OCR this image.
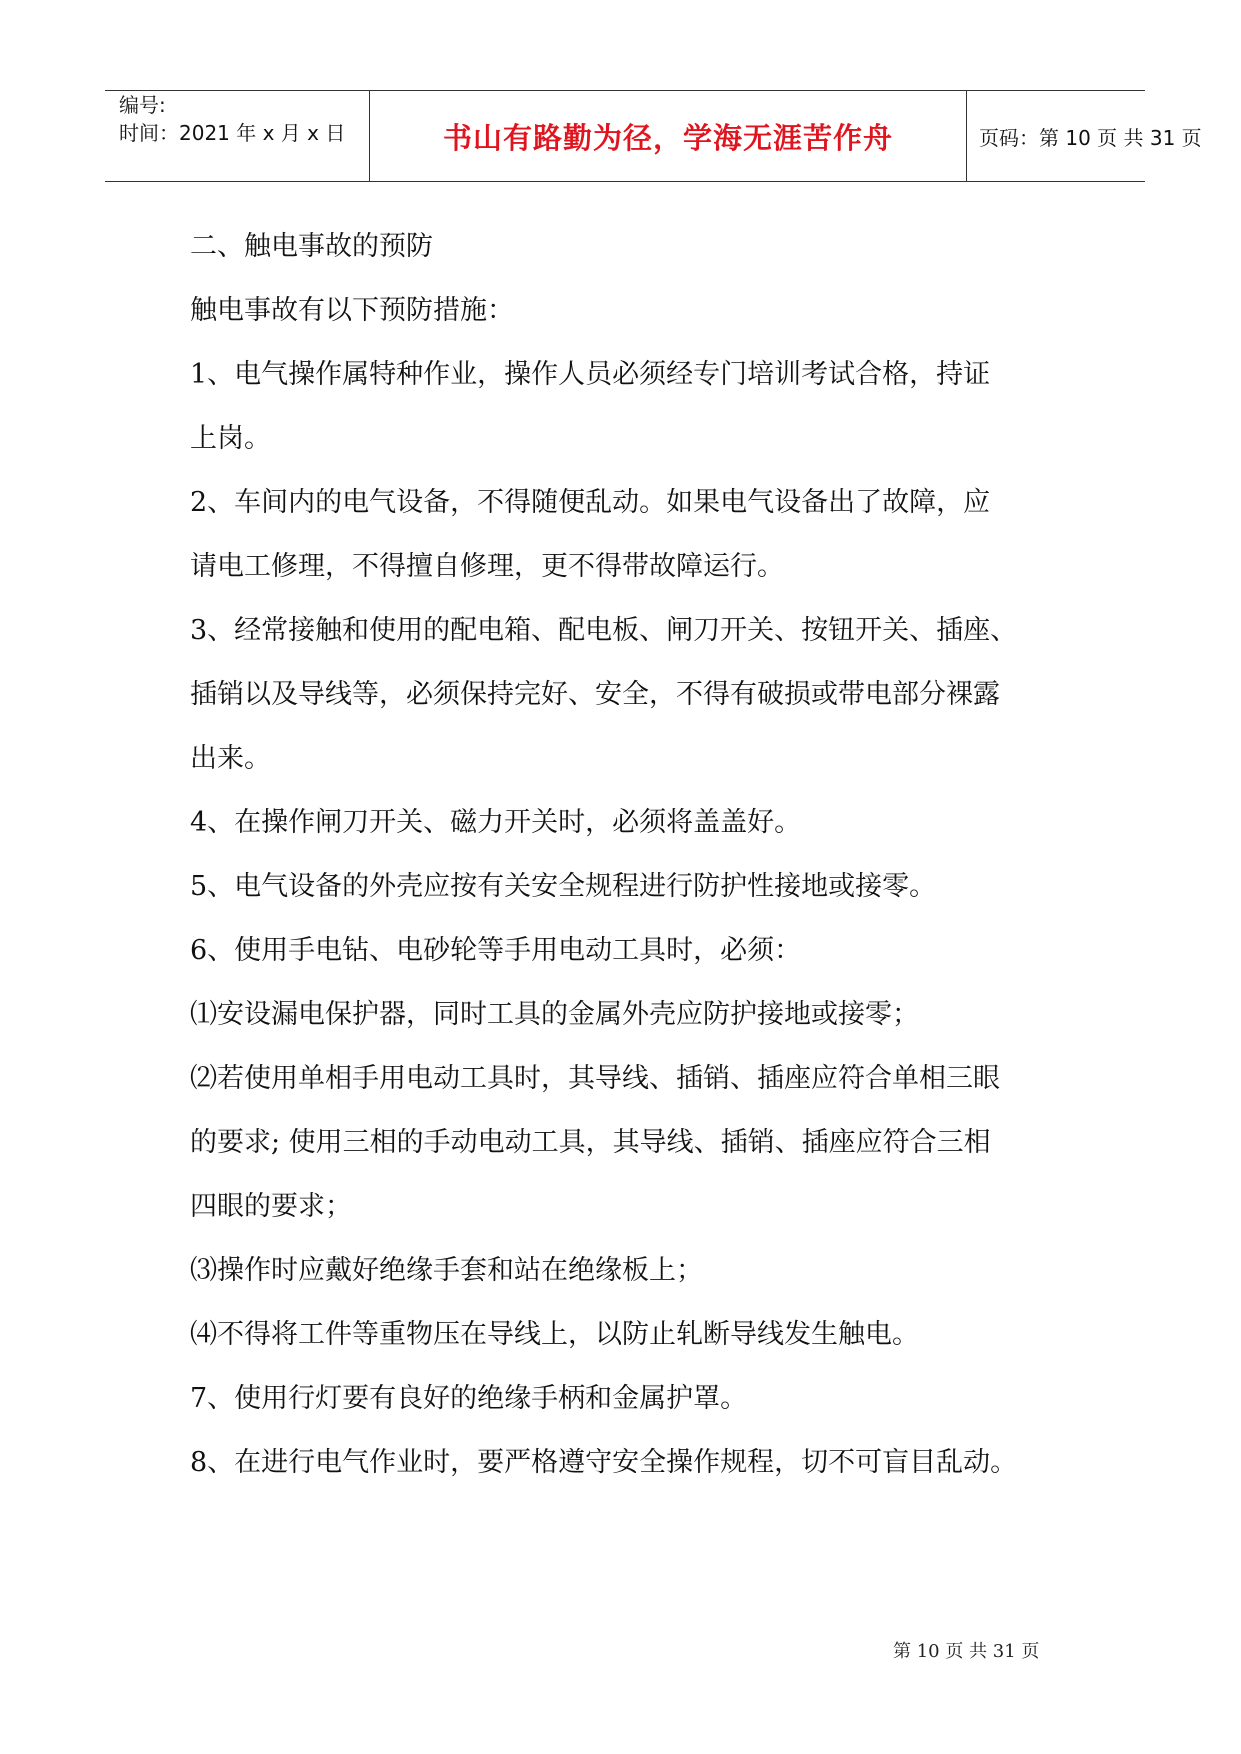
编号:
时间：2021 年 x 月 x 日	书山有路勤为径，学海无涯苦作舟	页码：第 10 页 共 31 页

二、触电事故的预防

触电事故有以下预防措施：

1、电气操作属特种作业，操作人员必须经专门培训考试合格，持证

上岗。

2、车间内的电气设备，不得随便乱动。如果电气设备出了故障，应

请电工修理，不得擅自修理，更不得带故障运行。

3、经常接触和使用的配电箱、配电板、闸刀开关、按钮开关、插座、

插销以及导线等，必须保持完好、安全，不得有破损或带电部分裸露

出来。

4、在操作闸刀开关、磁力开关时，必须将盖盖好。

5、电气设备的外壳应按有关安全规程进行防护性接地或接零。

6、使用手电钻、电砂轮等手用电动工具时，必须：

⑴安设漏电保护器，同时工具的金属外壳应防护接地或接零；

⑵若使用单相手用电动工具时，其导线、插销、插座应符合单相三眼

的要求; 使用三相的手动电动工具，其导线、插销、插座应符合三相

四眼的要求；

⑶操作时应戴好绝缘手套和站在绝缘板上；

⑷不得将工件等重物压在导线上，以防止轧断导线发生触电。

7、使用行灯要有良好的绝缘手柄和金属护罩。

8、在进行电气作业时，要严格遵守安全操作规程，切不可盲目乱动。

第 10 页 共 31 页
